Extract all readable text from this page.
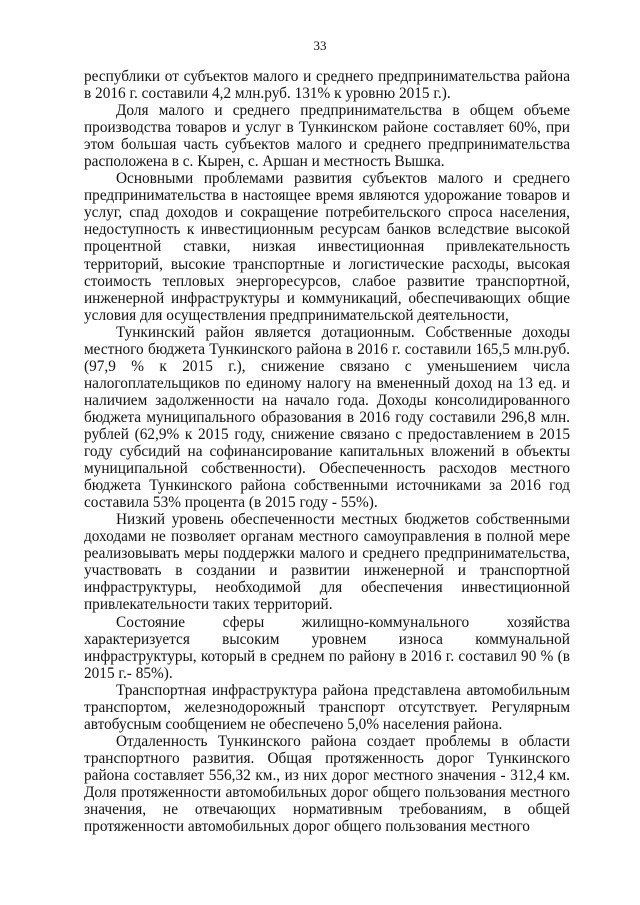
33

республики от субъектов малого и среднего предпринимательства района в 2016 г. составили 4,2 млн.руб. 131% к уровню 2015 г.).

Доля малого и среднего предпринимательства в общем объеме производства товаров и услуг в Тункинском районе составляет 60%, при этом большая часть субъектов малого и среднего предпринимательства расположена в с. Кырен, с. Аршан и местность Вышка.

Основными проблемами развития субъектов малого и среднего предпринимательства в настоящее время являются удорожание товаров и услуг, спад доходов и сокращение потребительского спроса населения, недоступность к инвестиционным ресурсам банков вследствие высокой процентной ставки, низкая инвестиционная привлекательность территорий, высокие транспортные и логистические расходы, высокая стоимость тепловых энергоресурсов, слабое развитие транспортной, инженерной инфраструктуры и коммуникаций, обеспечивающих общие условия для осуществления предпринимательской деятельности,

Тункинский район является дотационным. Собственные доходы местного бюджета Тункинского района в 2016 г. составили 165,5 млн.руб. (97,9 % к 2015 г.), снижение связано с уменьшением числа налогоплательщиков по единому налогу на вмененный доход на 13 ед. и наличием задолженности на начало года. Доходы консолидированного бюджета муниципального образования в 2016 году составили 296,8 млн. рублей (62,9% к 2015 году, снижение связано с предоставлением в 2015 году субсидий на софинансирование капитальных вложений в объекты муниципальной собственности). Обеспеченность расходов местного бюджета Тункинского района собственными источниками за 2016 год составила 53% процента (в 2015 году - 55%).

Низкий уровень обеспеченности местных бюджетов собственными доходами не позволяет органам местного самоуправления в полной мере реализовывать меры поддержки малого и среднего предпринимательства, участвовать в создании и развитии инженерной и транспортной инфраструктуры, необходимой для обеспечения инвестиционной привлекательности таких территорий.

Состояние сферы жилищно-коммунального хозяйства характеризуется высоким уровнем износа коммунальной инфраструктуры, который в среднем по району в 2016 г. составил 90 % (в 2015 г.- 85%).

Транспортная инфраструктура района представлена автомобильным транспортом, железнодорожный транспорт отсутствует. Регулярным автобусным сообщением не обеспечено 5,0% населения района.

Отдаленность Тункинского района создает проблемы в области транспортного развития. Общая протяженность дорог Тункинского района составляет 556,32 км., из них дорог местного значения - 312,4 км. Доля протяженности автомобильных дорог общего пользования местного значения, не отвечающих нормативным требованиям, в общей протяженности автомобильных дорог общего пользования местного
